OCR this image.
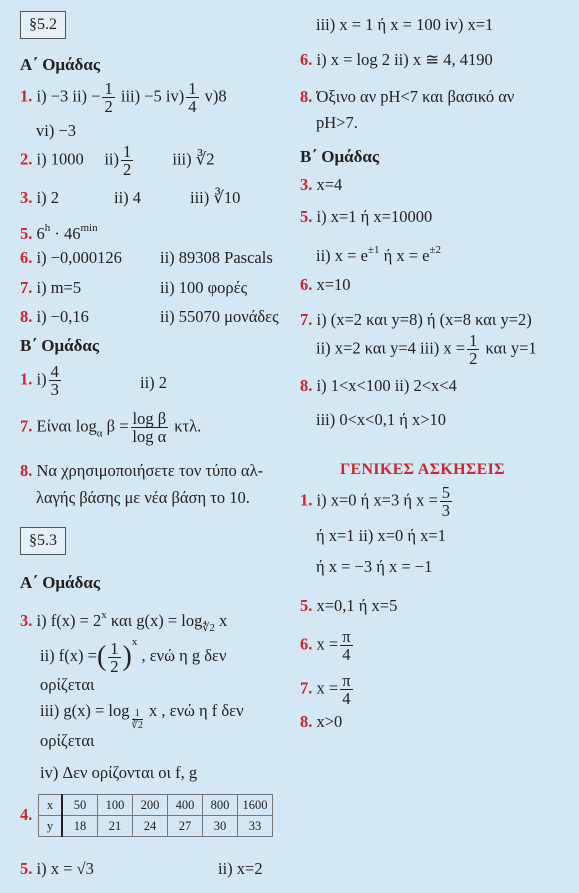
§5.2
Α΄ Ομάδας
1. i) −3 $ii) - \frac{1}{2} iii) -5$ $iv) \frac{1}{4} v)8$
vi) −3
2. i) 1000 $ii) \frac{1}{2} iii$) ∛2
3. i) 2	ii) 4	iii) ∛10
5. $6^h \cdot 46^{min}$
6. i) −0,000126 ii) 89308 Pascals
7. i) m=5	ii) 100 φορές
8. i) −0,16	ii) 55070 μονάδες
Β΄ Ομάδας
1. $i) \frac{4}{3}$	ii) 2
7. Είναι $\log_\alpha \beta = \frac{\text{log β}}{\text{log α}} \kappa\tau\lambda$.
8. Να χρησιμοποιήσετε τον τύπο αλ-
λαγής βάσης με νέα βάση το 10.
§5.3
Α΄ Ομάδας
3. i) $f(x) = 2^x$ και $g(x) = \log_{∜2} x$
ii) f(x) =( $\frac{1}{2} )^x$ , ενώ η g δεν
ορίζεται
iii) $g(x) = \log \frac{1}{∛2}$ x , ενώ η f δεν
ορίζεται
iv) Δεν ορίζονται οι f, g
4.
x	50	100	200	400	800	1600
y	18	21	24	27	30	33
5. i) x = √3	ii) x=2
iii) x = 1 ή x = 100 iv) x=1
6. i) x = log 2 ii) x ≅ 4, 4190
8. Όξινο αν pH<7 και βασικό αν
pH>7.
Β΄ Ομάδας
3. x=4
5. i) x=1 ή x=10000
ii) $x = e^{\pm 1}$ ή $x = e^{\pm 2}$
6. x=10
7. i) (x=2 και y=8) ή (x=8 και y=2)
ii) x=2 και y=4 iii) $x = \frac{1}{2}$ και y=1
8. i) 1<x<100 ii) 2<x<4
iii) 0<x<0,1 ή x>10
ΓΕΝΙΚΕΣ ΑΣΚΗΣΕΙΣ
1. i) x=0 ή x=3 ή $x = \frac{5}{3}$
ή x=1 ii) x=0 ή x=1
ή x = −3 ή x = −1
5. x=0,1 ή x=5
6. $x = \frac{\pi}{4}$
7. $x = \frac{\pi}{4}$
8. x>0
